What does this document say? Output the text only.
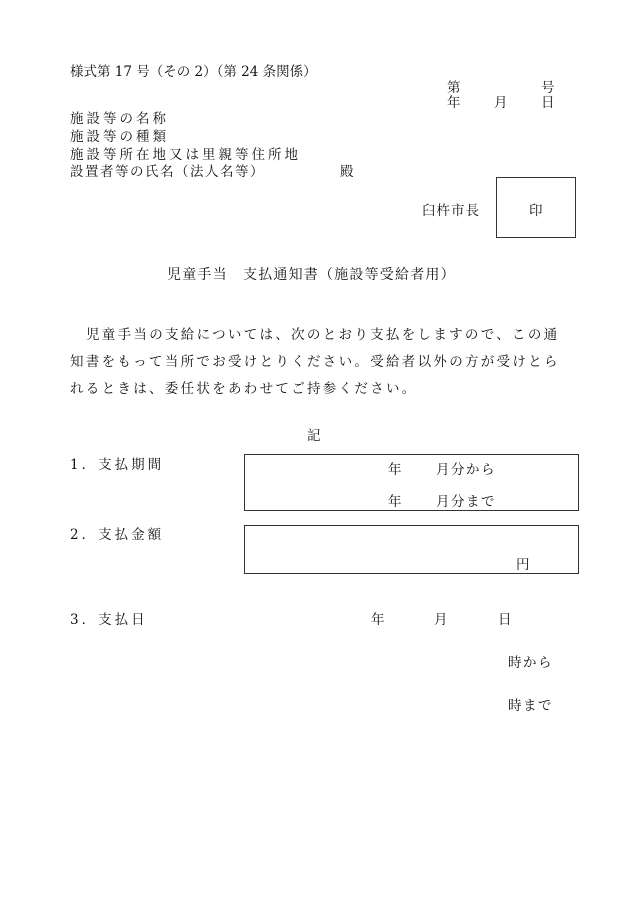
様式第 17 号（その 2）（第 24 条関係）
第	号
年 月 日
施設等の名称
施設等の種類
施設等所在地又は里親等住所地
設置者等の氏名（法人名等）	殿
臼杵市長	印
児童手当　支払通知書（施設等受給者用）
児童手当の支給については、次のとおり支払をしますので、この通知書をもって当所でお受けとりください。受給者以外の方が受けとられるときは、委任状をあわせてご持参ください。
記
1．支払期間	年	月分から
年	月分まで
2．支払金額
円
3．支払日	年	月	日
時から
時まで
